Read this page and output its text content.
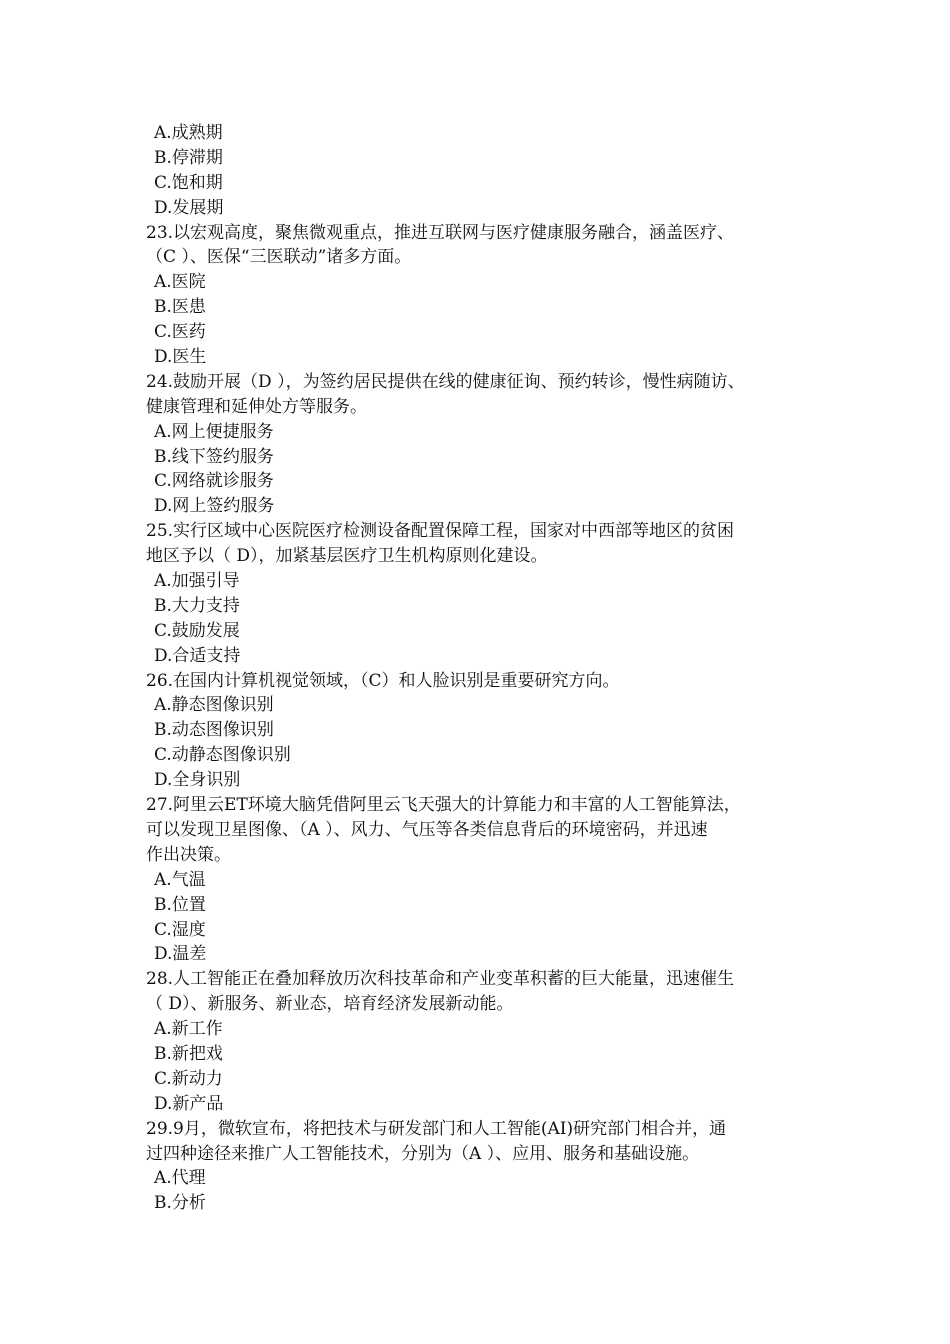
A.成熟期
B.停滞期
C.饱和期
D.发展期
23.以宏观高度，聚焦微观重点，推进互联网与医疗健康服务融合，涵盖医疗、
（C ）、医保“三医联动”诸多方面。
A.医院
B.医患
C.医药
D.医生
24.鼓励开展（D ），为签约居民提供在线的健康征询、预约转诊，慢性病随访、
健康管理和延伸处方等服务。
A.网上便捷服务
B.线下签约服务
C.网络就诊服务
D.网上签约服务
25.实行区域中心医院医疗检测设备配置保障工程，国家对中西部等地区的贫困
地区予以（ D），加紧基层医疗卫生机构原则化建设。
A.加强引导
B.大力支持
C.鼓励发展
D.合适支持
26.在国内计算机视觉领域，（C）和人脸识别是重要研究方向。
A.静态图像识别
B.动态图像识别
C.动静态图像识别
D.全身识别
27.阿里云ET环境大脑凭借阿里云飞天强大的计算能力和丰富的人工智能算法，
可以发现卫星图像、（A ）、风力、气压等各类信息背后的环境密码，并迅速
作出决策。
A.气温
B.位置
C.湿度
D.温差
28.人工智能正在叠加释放历次科技革命和产业变革积蓄的巨大能量，迅速催生
（ D）、新服务、新业态，培育经济发展新动能。
A.新工作
B.新把戏
C.新动力
D.新产品
29.9月，微软宣布，将把技术与研发部门和人工智能(AI)研究部门相合并，通
过四种途径来推广人工智能技术，分别为（A ）、应用、服务和基础设施。
A.代理
B.分析
